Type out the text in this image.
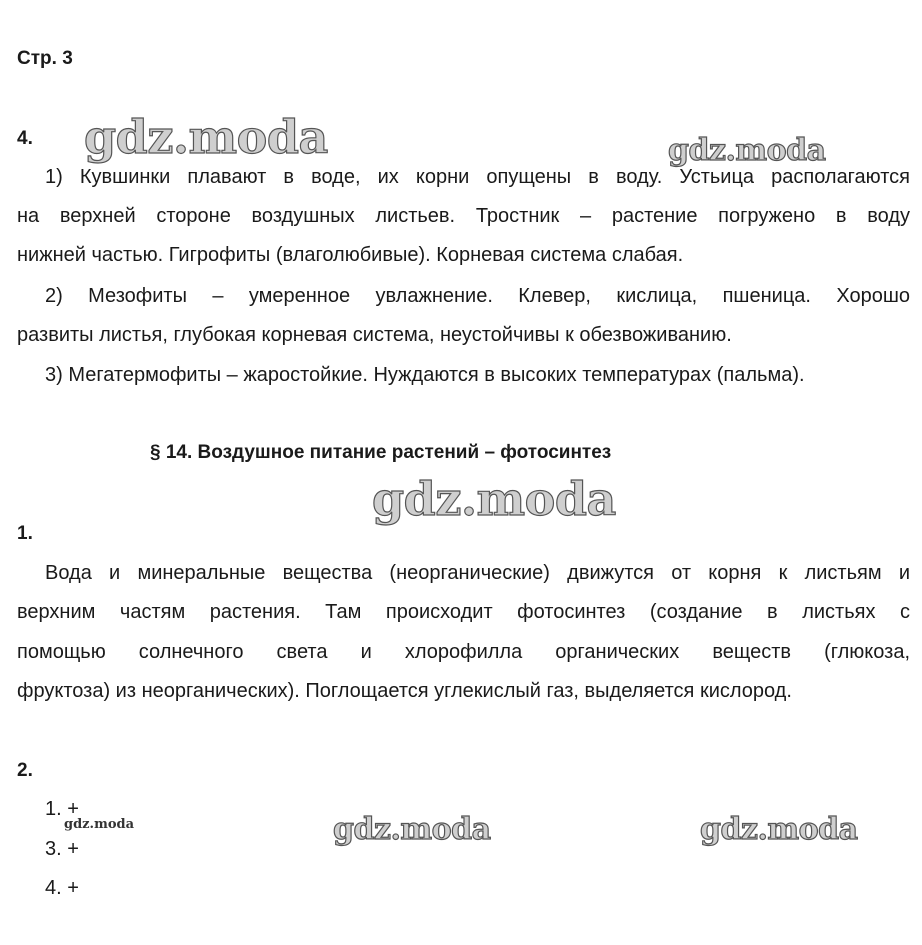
Стр. 3
4.
1) Кувшинки плавают в воде, их корни опущены в воду. Устьица располагаются
на верхней стороне воздушных листьев. Тростник – растение погружено в воду
нижней частью. Гигрофиты (влаголюбивые). Корневая система слабая.
2) Мезофиты – умеренное увлажнение. Клевер, кислица, пшеница. Хорошо
развиты листья, глубокая корневая система, неустойчивы к обезвоживанию.
3) Мегатермофиты – жаростойкие. Нуждаются в высоких температурах (пальма).
§ 14. Воздушное питание растений – фотосинтез
1.
Вода и минеральные вещества (неорганические) движутся от корня к листьям и
верхним частям растения. Там происходит фотосинтез (создание в листьях с
помощью солнечного света и хлорофилла органических веществ (глюкоза,
фруктоза) из неорганических). Поглощается углекислый газ, выделяется кислород.
2.
1. +
3. +
4. +
gdz.moda	gdz.moda
gdz.moda
gdz.moda	gdz.moda	gdz.moda
